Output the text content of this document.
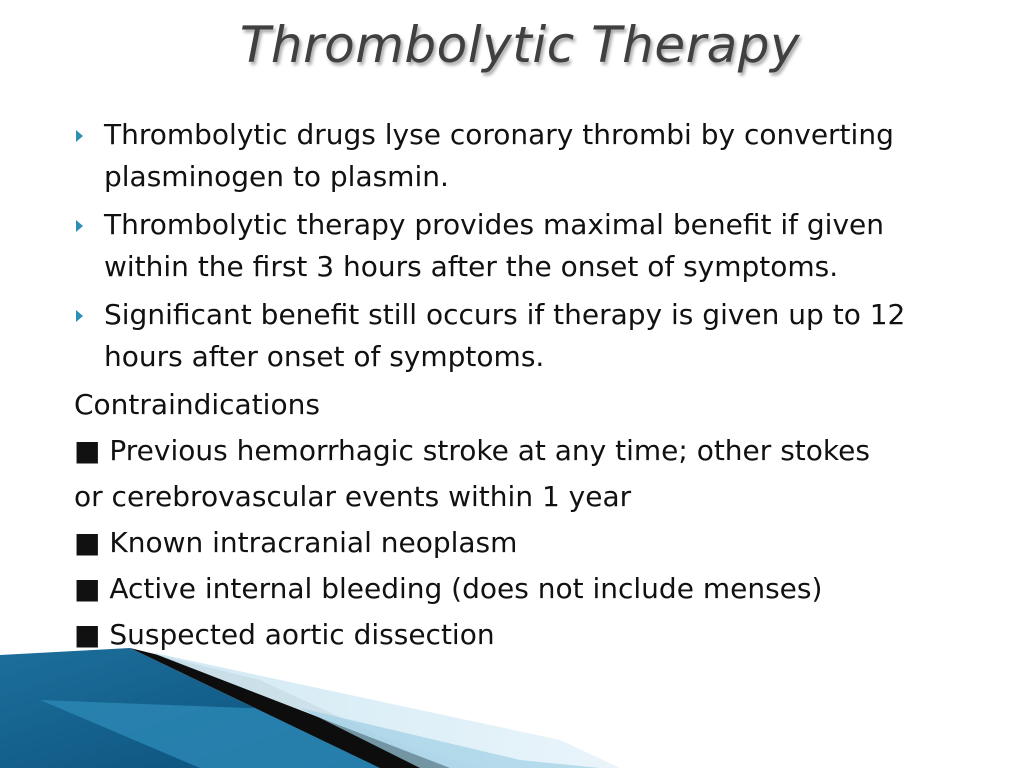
Thrombolytic Therapy
Thrombolytic drugs lyse coronary thrombi by converting plasminogen to plasmin.
Thrombolytic therapy provides maximal benefit if given within the first 3 hours after the onset of symptoms.
Significant benefit still occurs if therapy is given up to 12 hours after onset of symptoms.
Contraindications
■ Previous hemorrhagic stroke at any time; other stokes
or cerebrovascular events within 1 year
■ Known intracranial neoplasm
■ Active internal bleeding (does not include menses)
■ Suspected aortic dissection
